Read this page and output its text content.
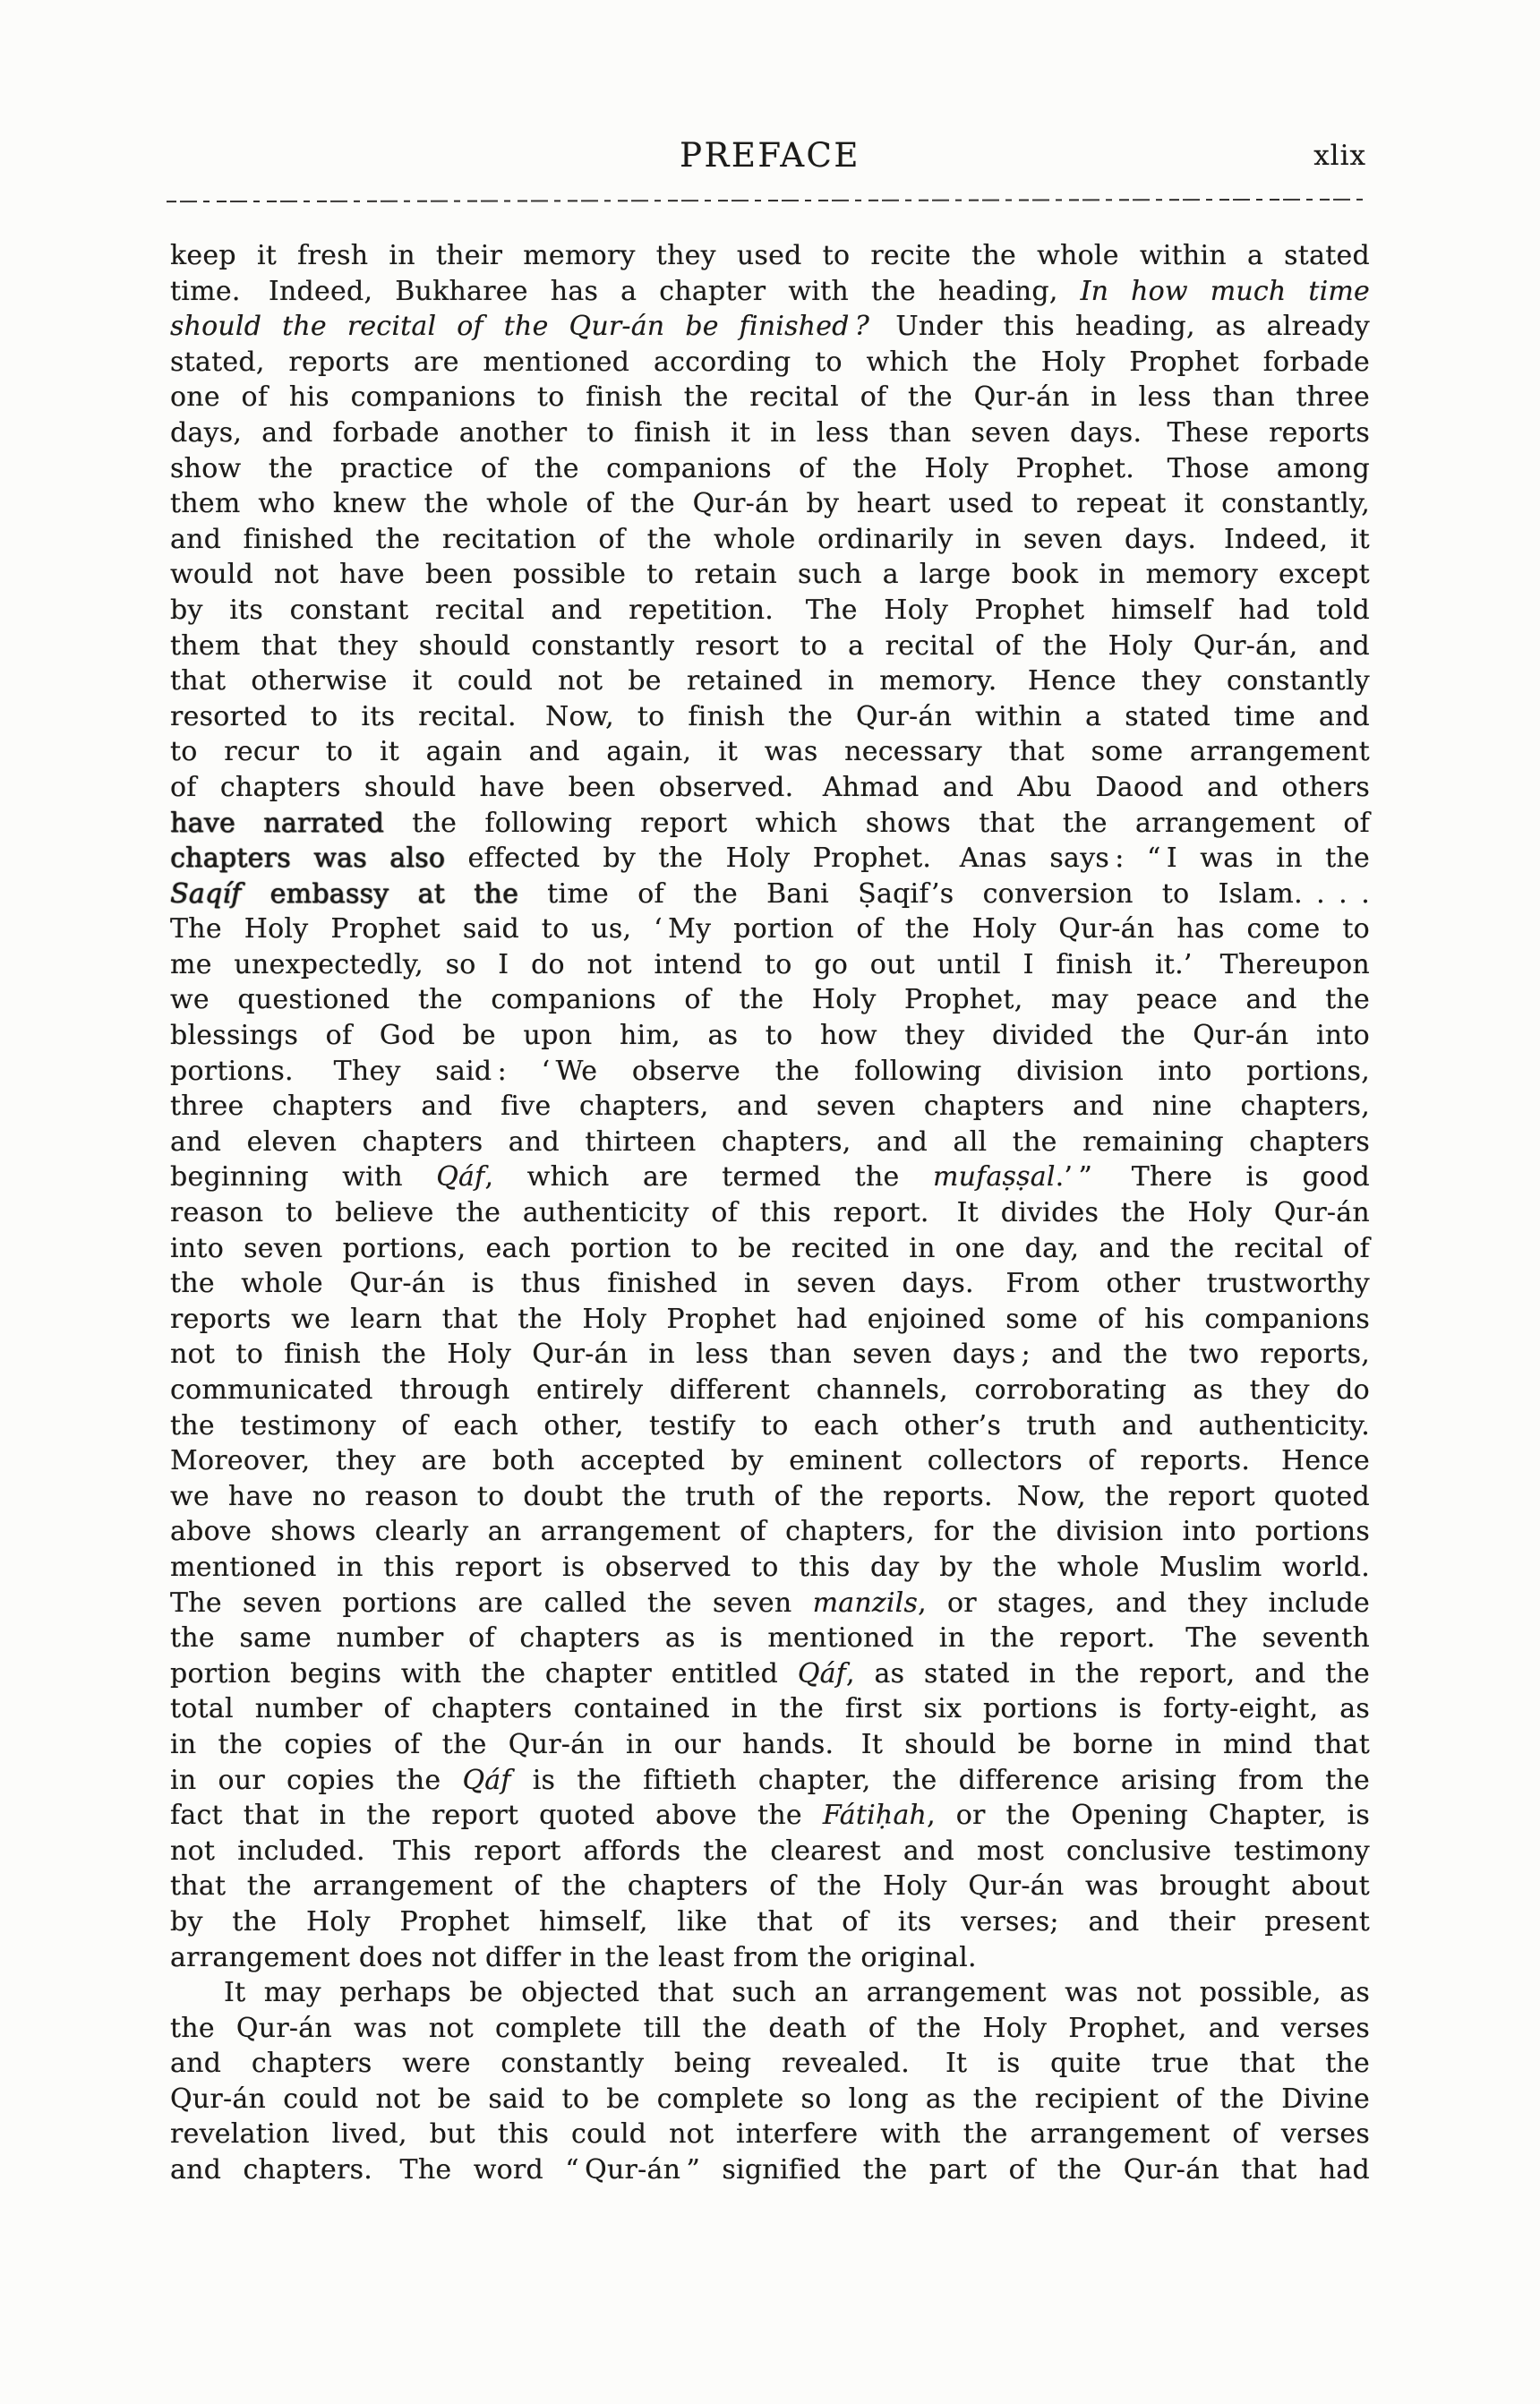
PREFACE	xlix
keep it fresh in their memory they used to recite the whole within a stated
time.  Indeed, Bukharee has a chapter with the heading, In how much time
should the recital of the Qur-án be finished ?  Under this heading, as already
stated, reports are mentioned according to which the Holy Prophet forbade
one of his companions to finish the recital of the Qur-án in less than three
days, and forbade another to finish it in less than seven days.  These reports
show the practice of the companions of the Holy Prophet.  Those among
them who knew the whole of the Qur-án by heart used to repeat it constantly,
and finished the recitation of the whole ordinarily in seven days.  Indeed, it
would not have been possible to retain such a large book in memory except
by its constant recital and repetition.  The Holy Prophet himself had told
them that they should constantly resort to a recital of the Holy Qur-án, and
that otherwise it could not be retained in memory.  Hence they constantly
resorted to its recital.  Now, to finish the Qur-án within a stated time and
to recur to it again and again, it was necessary that some arrangement
of chapters should have been observed.  Ahmad and Abu Daood and others
have narrated the following report which shows that the arrangement of
chapters was also effected by the Holy Prophet.  Anas says : “ I was in the
Saqíf embassy at the time of the Bani Ṣaqif’s conversion to Islam. . . .
The Holy Prophet said to us, ‘ My portion of the Holy Qur-án has come to
me unexpectedly, so I do not intend to go out until I finish it.’  Thereupon
we questioned the companions of the Holy Prophet, may peace and the
blessings of God be upon him, as to how they divided the Qur-án into
portions.  They said : ‘ We observe the following division into portions,
three chapters and five chapters, and seven chapters and nine chapters,
and eleven chapters and thirteen chapters, and all the remaining chapters
beginning with Qáf, which are termed the mufaṣṣal.’ ”  There is good
reason to believe the authenticity of this report.  It divides the Holy Qur-án
into seven portions, each portion to be recited in one day, and the recital of
the whole Qur-án is thus finished in seven days.  From other trustworthy
reports we learn that the Holy Prophet had enjoined some of his companions
not to finish the Holy Qur-án in less than seven days ; and the two reports,
communicated through entirely different channels, corroborating as they do
the testimony of each other, testify to each other’s truth and authenticity.
Moreover, they are both accepted by eminent collectors of reports.  Hence
we have no reason to doubt the truth of the reports.  Now, the report quoted
above shows clearly an arrangement of chapters, for the division into portions
mentioned in this report is observed to this day by the whole Muslim world.
The seven portions are called the seven manzils, or stages, and they include
the same number of chapters as is mentioned in the report.  The seventh
portion begins with the chapter entitled Qáf, as stated in the report, and the
total number of chapters contained in the first six portions is forty-eight, as
in the copies of the Qur-án in our hands.  It should be borne in mind that
in our copies the Qáf is the fiftieth chapter, the difference arising from the
fact that in the report quoted above the Fátiḥah, or the Opening Chapter, is
not included.  This report affords the clearest and most conclusive testimony
that the arrangement of the chapters of the Holy Qur-án was brought about
by the Holy Prophet himself, like that of its verses; and their present
arrangement does not differ in the least from the original.
It may perhaps be objected that such an arrangement was not possible, as
the Qur-án was not complete till the death of the Holy Prophet, and verses
and chapters were constantly being revealed.  It is quite true that the
Qur-án could not be said to be complete so long as the recipient of the Divine
revelation lived, but this could not interfere with the arrangement of verses
and chapters.  The word “ Qur-án ” signified the part of the Qur-án that had
